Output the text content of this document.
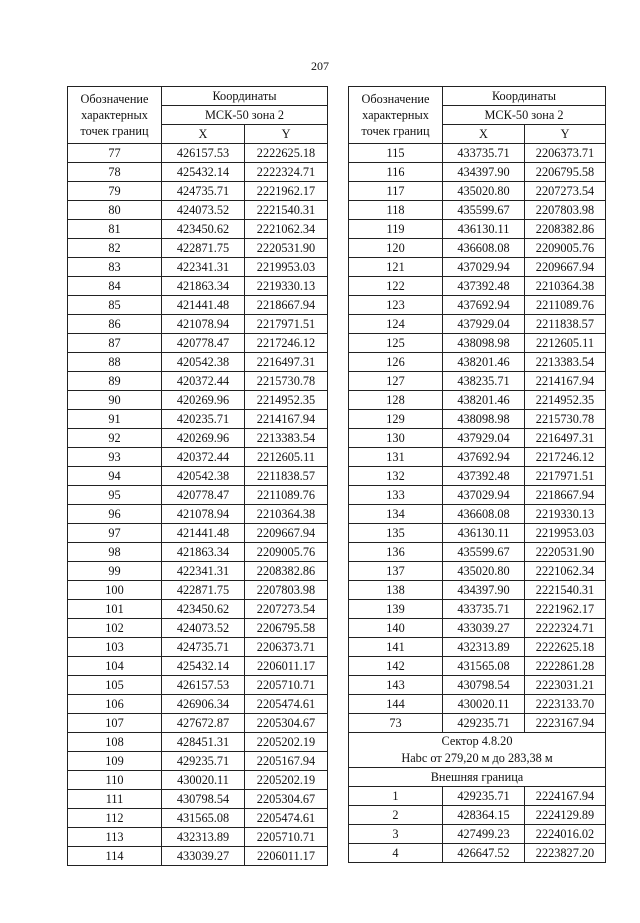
207
Обозначение
характерных
точек границ	Координаты	
	МСК-50 зона 2	
	X	Y
77	426157.53	2222625.18
78	425432.14	2222324.71
79	424735.71	2221962.17
80	424073.52	2221540.31
81	423450.62	2221062.34
82	422871.75	2220531.90
83	422341.31	2219953.03
84	421863.34	2219330.13
85	421441.48	2218667.94
86	421078.94	2217971.51
87	420778.47	2217246.12
88	420542.38	2216497.31
89	420372.44	2215730.78
90	420269.96	2214952.35
91	420235.71	2214167.94
92	420269.96	2213383.54
93	420372.44	2212605.11
94	420542.38	2211838.57
95	420778.47	2211089.76
96	421078.94	2210364.38
97	421441.48	2209667.94
98	421863.34	2209005.76
99	422341.31	2208382.86
100	422871.75	2207803.98
101	423450.62	2207273.54
102	424073.52	2206795.58
103	424735.71	2206373.71
104	425432.14	2206011.17
105	426157.53	2205710.71
106	426906.34	2205474.61
107	427672.87	2205304.67
108	428451.31	2205202.19
109	429235.71	2205167.94
110	430020.11	2205202.19
111	430798.54	2205304.67
112	431565.08	2205474.61
113	432313.89	2205710.71
114	433039.27	2206011.17
Обозначение
характерных
точек границ	Координаты	
	МСК-50 зона 2	
	X	Y
115	433735.71	2206373.71
116	434397.90	2206795.58
117	435020.80	2207273.54
118	435599.67	2207803.98
119	436130.11	2208382.86
120	436608.08	2209005.76
121	437029.94	2209667.94
122	437392.48	2210364.38
123	437692.94	2211089.76
124	437929.04	2211838.57
125	438098.98	2212605.11
126	438201.46	2213383.54
127	438235.71	2214167.94
128	438201.46	2214952.35
129	438098.98	2215730.78
130	437929.04	2216497.31
131	437692.94	2217246.12
132	437392.48	2217971.51
133	437029.94	2218667.94
134	436608.08	2219330.13
135	436130.11	2219953.03
136	435599.67	2220531.90
137	435020.80	2221062.34
138	434397.90	2221540.31
139	433735.71	2221962.17
140	433039.27	2222324.71
141	432313.89	2222625.18
142	431565.08	2222861.28
143	430798.54	2223031.21
144	430020.11	2223133.70
73	429235.71	2223167.94

Сектор 4.8.20
Нabc от 279,20 м до 283,38 м		

Внешняя граница		
1	429235.71	2224167.94
2	428364.15	2224129.89
3	427499.23	2224016.02
4	426647.52	2223827.20
